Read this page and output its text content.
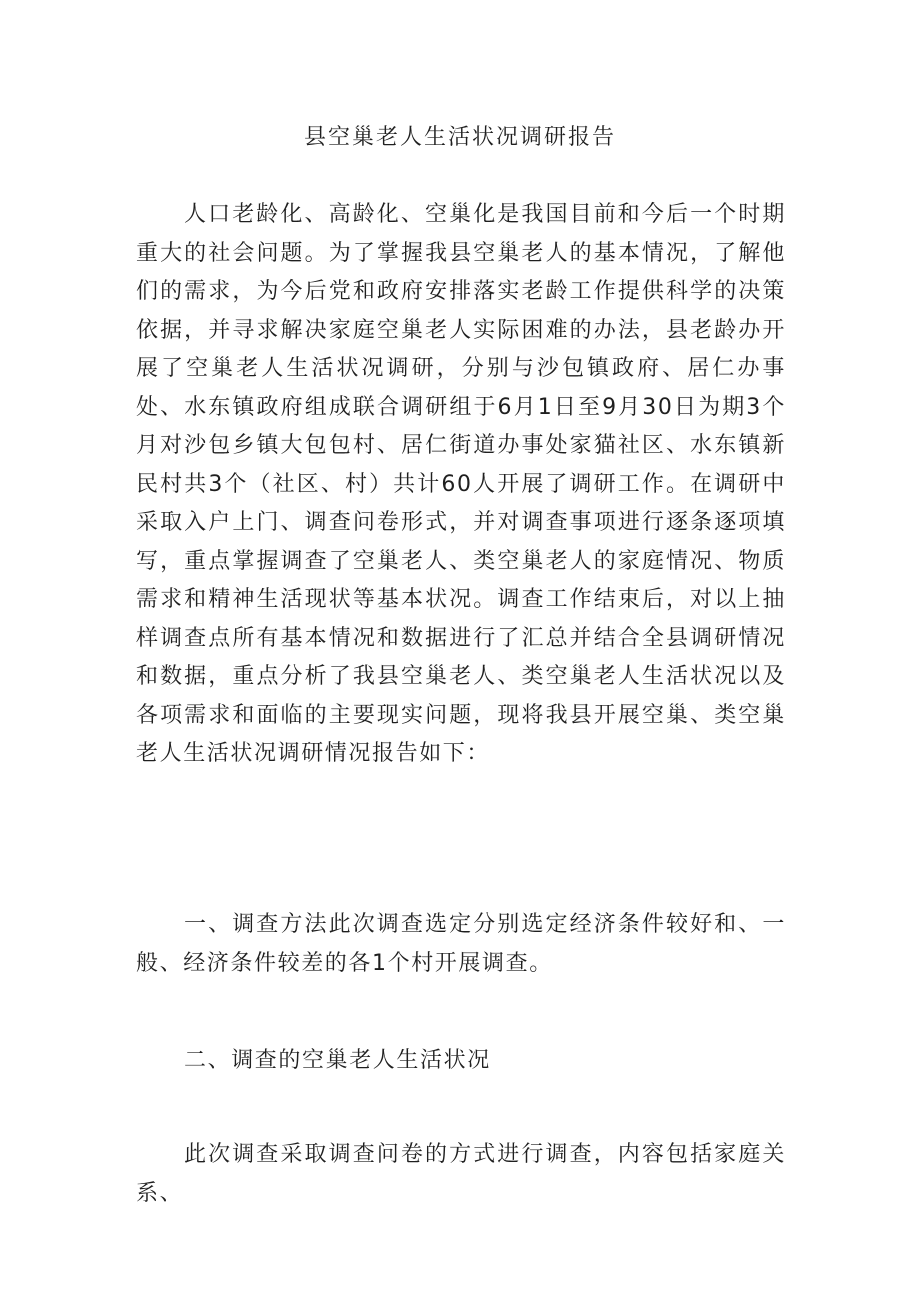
县空巢老人生活状况调研报告

人口老龄化、高龄化、空巢化是我国目前和今后一个时期重大的社会问题。为了掌握我县空巢老人的基本情况，了解他们的需求，为今后党和政府安排落实老龄工作提供科学的决策依据，并寻求解决家庭空巢老人实际困难的办法，县老龄办开展了空巢老人生活状况调研，分别与沙包镇政府、居仁办事处、水东镇政府组成联合调研组于6月1日至9月30日为期3个月对沙包乡镇大包包村、居仁街道办事处家猫社区、水东镇新民村共3个（社区、村）共计60人开展了调研工作。在调研中采取入户上门、调查问卷形式，并对调查事项进行逐条逐项填写，重点掌握调查了空巢老人、类空巢老人的家庭情况、物质需求和精神生活现状等基本状况。调查工作结束后，对以上抽样调查点所有基本情况和数据进行了汇总并结合全县调研情况和数据，重点分析了我县空巢老人、类空巢老人生活状况以及各项需求和面临的主要现实问题，现将我县开展空巢、类空巢老人生活状况调研情况报告如下：

一、调查方法此次调查选定分别选定经济条件较好和、一般、经济条件较差的各1个村开展调查。

二、调查的空巢老人生活状况

此次调查采取调查问卷的方式进行调查，内容包括家庭关系、
